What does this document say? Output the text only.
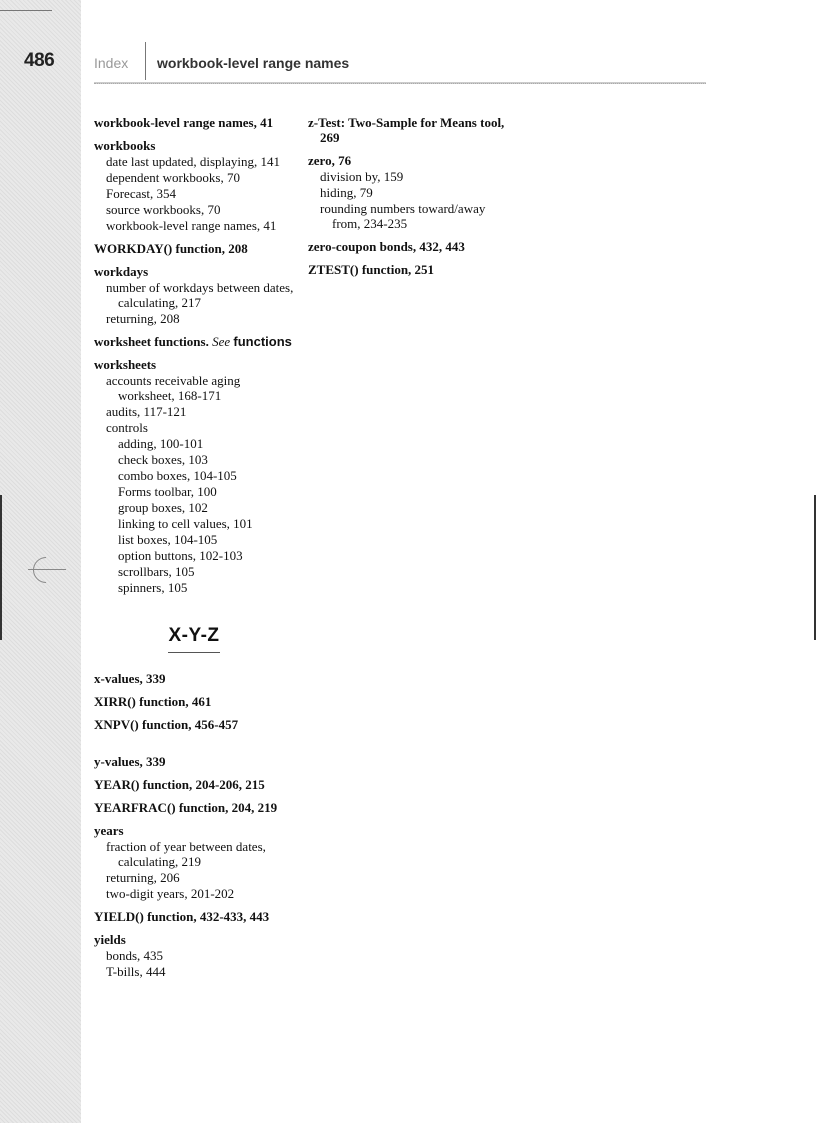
486	Index workbook-level range names
workbook-level range names, 41
workbooks
date last updated, displaying, 141
dependent workbooks, 70
Forecast, 354
source workbooks, 70
workbook-level range names, 41
WORKDAY() function, 208
workdays
number of workdays between dates, calculating, 217
returning, 208
worksheet functions. See functions
worksheets
accounts receivable aging worksheet, 168-171
audits, 117-121
controls
adding, 100-101
check boxes, 103
combo boxes, 104-105
Forms toolbar, 100
group boxes, 102
linking to cell values, 101
list boxes, 104-105
option buttons, 102-103
scrollbars, 105
spinners, 105
X-Y-Z
x-values, 339
XIRR() function, 461
XNPV() function, 456-457
y-values, 339
YEAR() function, 204-206, 215
YEARFRAC() function, 204, 219
years
fraction of year between dates, calculating, 219
returning, 206
two-digit years, 201-202
YIELD() function, 432-433, 443
yields
bonds, 435
T-bills, 444
z-Test: Two-Sample for Means tool, 269
zero, 76
division by, 159
hiding, 79
rounding numbers toward/away from, 234-235
zero-coupon bonds, 432, 443
ZTEST() function, 251
